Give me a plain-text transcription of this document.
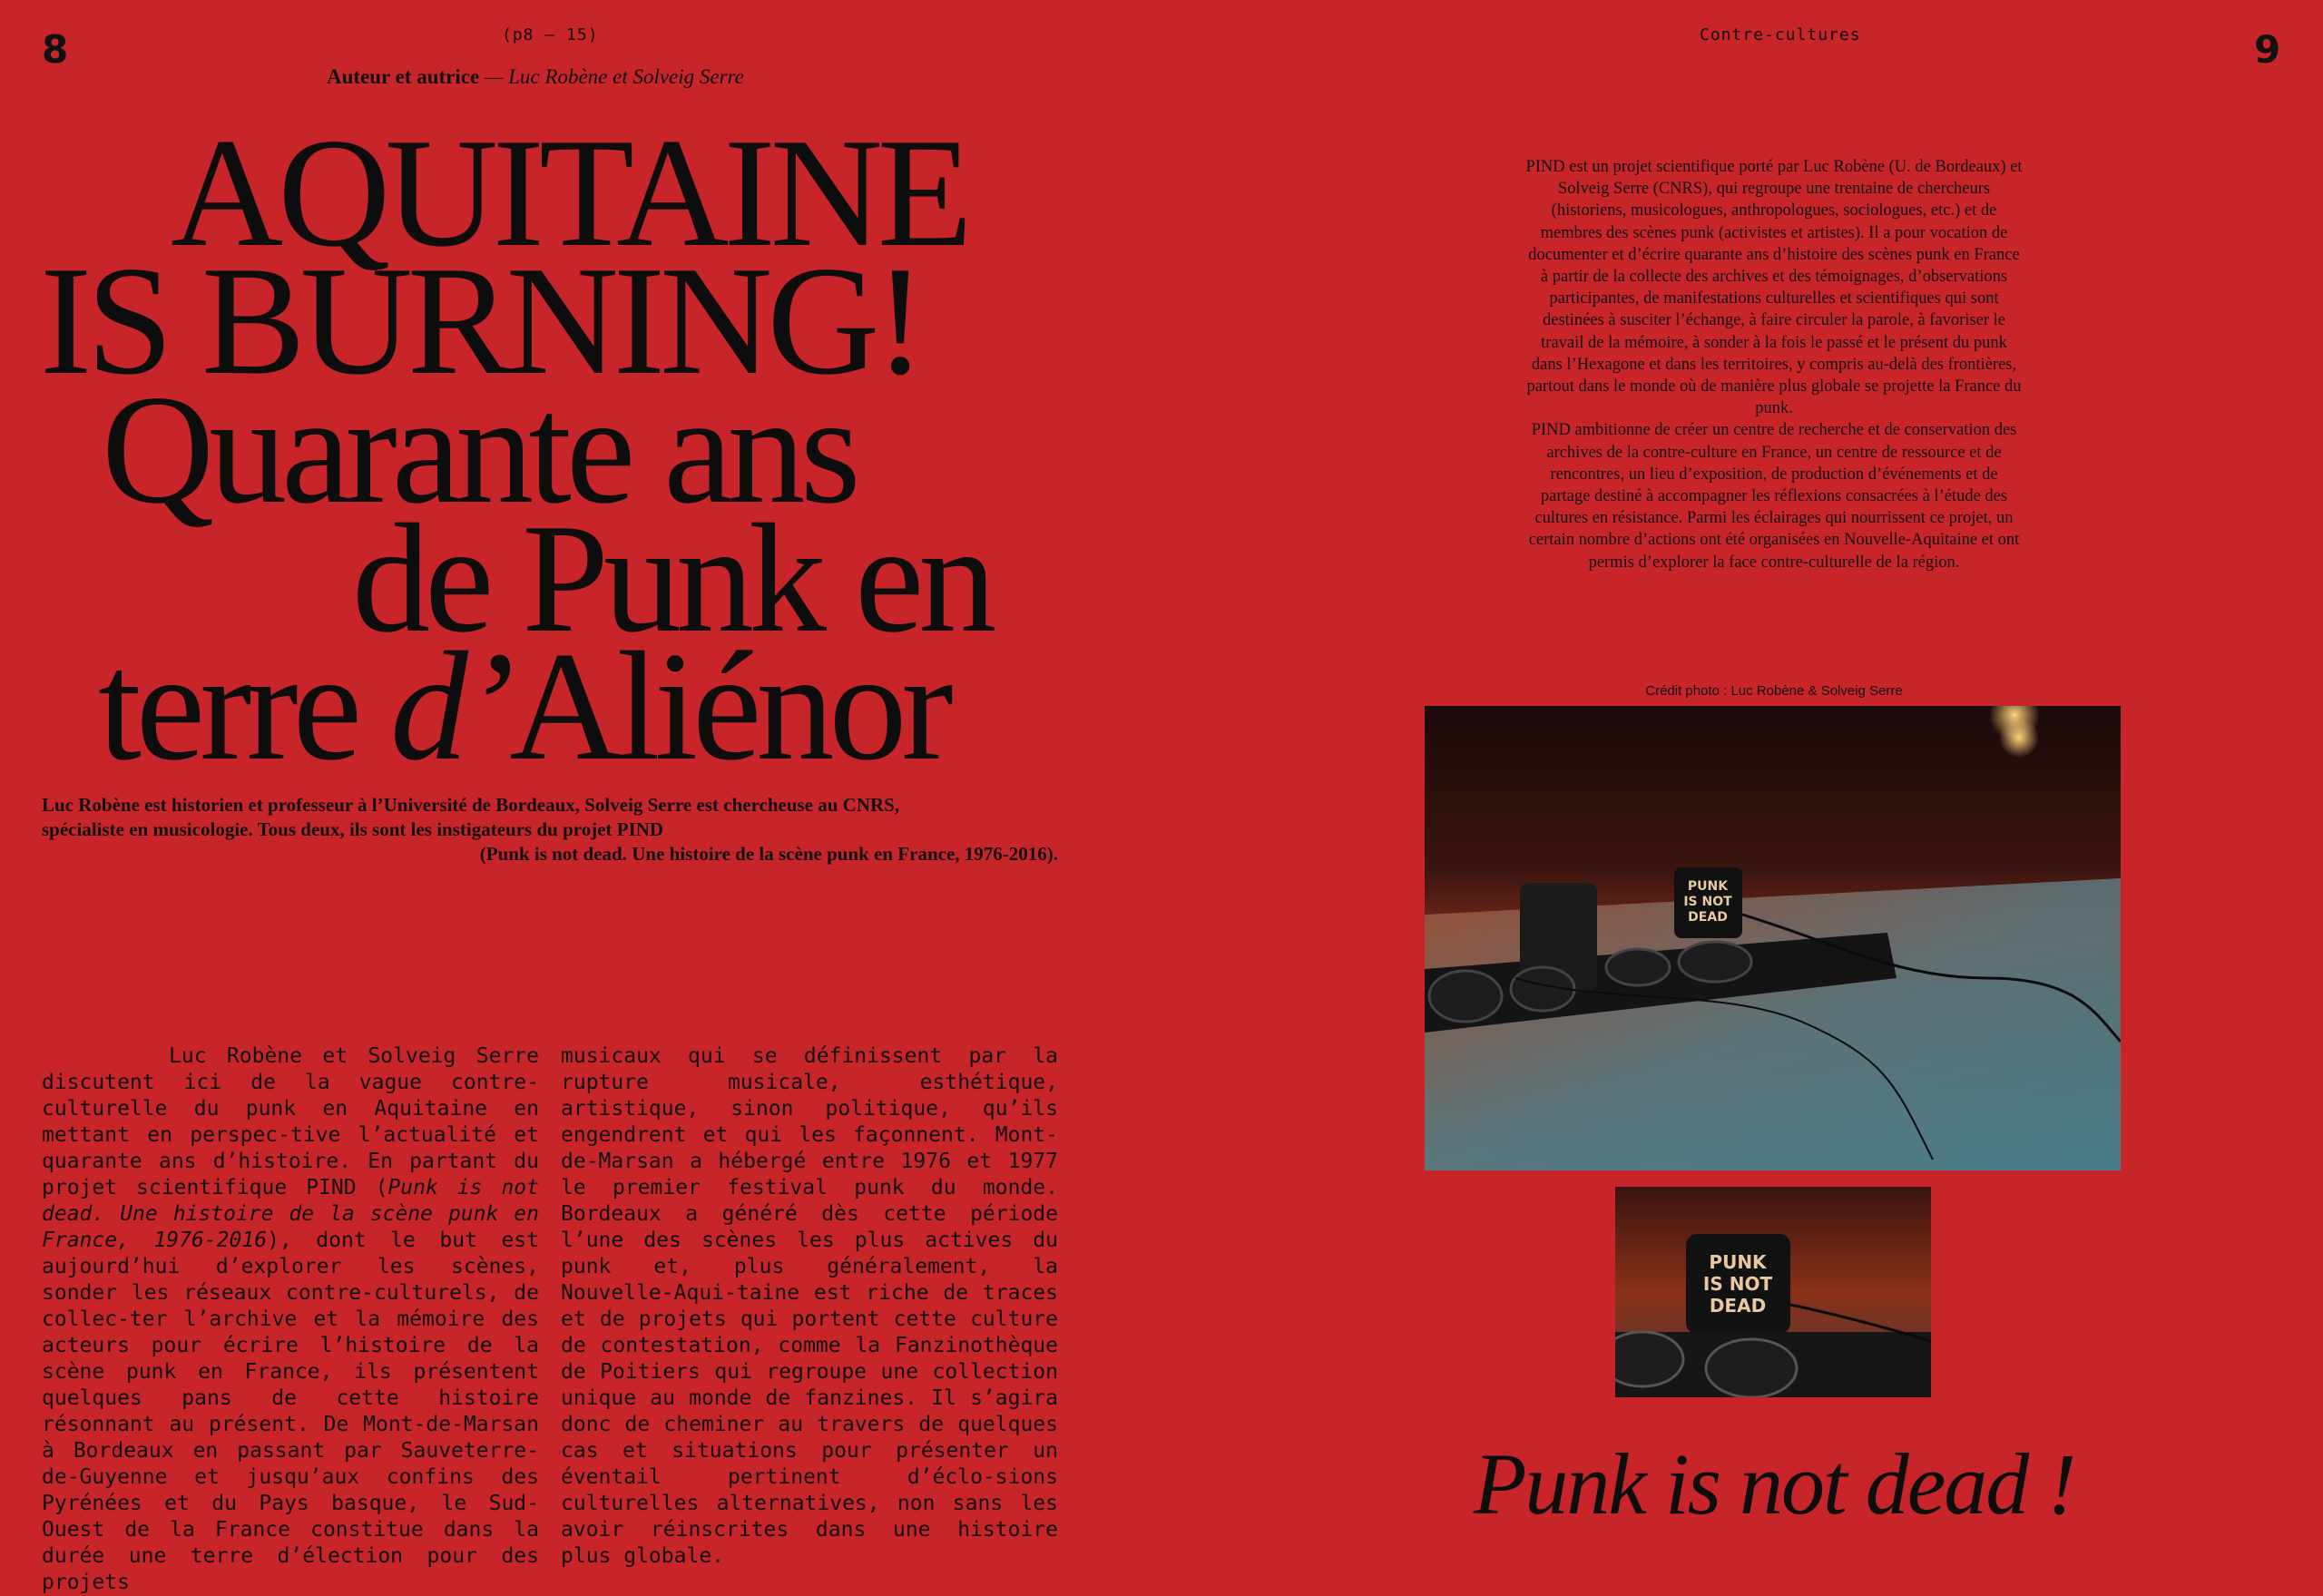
8	9
(p8 — 15)	Contre-cultures
Auteur et autrice — Luc Robène et Solveig Serre
AQUITAINE
IS BURNING!
Quarante ans
de Punk en
terre d’Aliénor
Luc Robène est historien et professeur à l’Université de Bordeaux, Solveig Serre est chercheuse au CNRS,
spécialiste en musicologie. Tous deux, ils sont les instigateurs du projet PIND
(Punk is not dead. Une histoire de la scène punk en France, 1976-2016).
Luc Robène et Solveig Serre discutent ici de la vague contre-culturelle du punk en Aquitaine en mettant en perspec-tive l’actualité et quarante ans d’histoire. En partant du projet scientifique PIND (Punk is not dead. Une histoire de la scène punk en France, 1976-2016), dont le but est aujourd’hui d’explorer les scènes, sonder les réseaux contre-culturels, de collec-ter l’archive et la mémoire des acteurs pour écrire l’histoire de la scène punk en France, ils présentent quelques pans de cette histoire résonnant au présent. De Mont-de-Marsan à Bordeaux en passant par Sauveterre-de-Guyenne et jusqu’aux confins des Pyrénées et du Pays basque, le Sud-Ouest de la France constitue dans la durée une terre d’élection pour des projets
musicaux qui se définissent par la rupture musicale, esthétique, artistique, sinon politique, qu’ils engendrent et qui les façonnent. Mont-de-Marsan a hébergé entre 1976 et 1977 le premier festival punk du monde. Bordeaux a généré dès cette période l’une des scènes les plus actives du punk et, plus généralement, la Nouvelle-Aqui-taine est riche de traces et de projets qui portent cette culture de contestation, comme la Fanzinothèque de Poitiers qui regroupe une collection unique au monde de fanzines. Il s’agira donc de cheminer au travers de quelques cas et situations pour présenter un éventail pertinent d’éclo-sions culturelles alternatives, non sans les avoir réinscrites dans une histoire plus globale.

PIND est un projet scientifique porté par Luc Robène (U. de Bordeaux) et Solveig Serre (CNRS), qui regroupe une trentaine de chercheurs (historiens, musicologues, anthropologues, sociologues, etc.) et de membres des scènes punk (activistes et artistes). Il a pour vocation de documenter et d’écrire quarante ans d’histoire des scènes punk en France à partir de la collecte des archives et des témoignages, d’observations participantes, de manifestations culturelles et scientifiques qui sont destinées à susciter l’échange, à faire circuler la parole, à favoriser le travail de la mémoire, à sonder à la fois le passé et le présent du punk dans l’Hexagone et dans les territoires, y compris au-delà des frontières, partout dans le monde où de manière plus globale se projette la France du punk.

PIND ambitionne de créer un centre de recherche et de conservation des archives de la contre-culture en France, un centre de ressource et de rencontres, un lieu d’exposition, de production d’événements et de partage destiné à accompagner les réflexions consacrées à l’étude des cultures en résistance. Parmi les éclairages qui nourrissent ce projet, un certain nombre d’actions ont été organisées en Nouvelle-Aquitaine et ont permis d’explorer la face contre-culturelle de la région.

Crédit photo : Luc Robène & Solveig Serre
PUNK
IS NOT
DEAD
PUNK
IS NOT
DEAD
Punk is not dead !
